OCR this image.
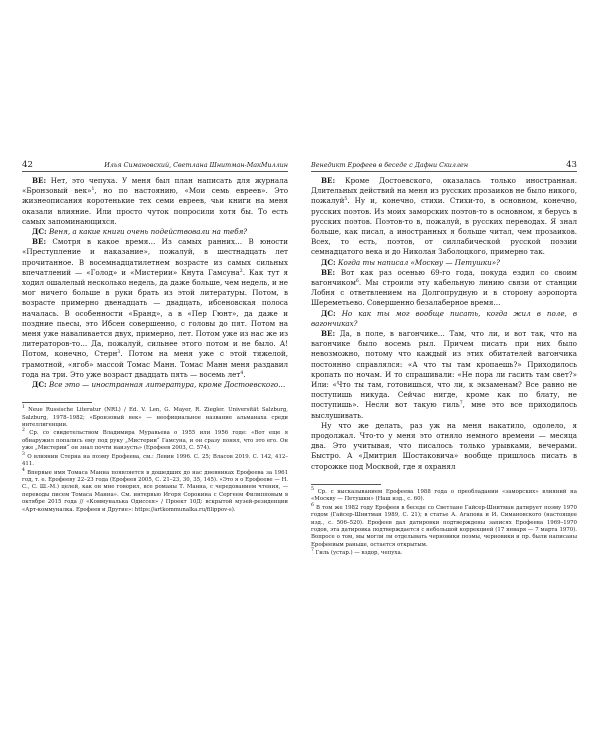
42	Илья Симановский, Светлана Шнитман-МакМиллин

ВЕ: Нет, это чепуха. У меня был план написать для журнала «Бронзовый век»$^1$, но по настоянию, «Мои семь евреев». Это жизнеописания коротенькие тех семи евреев, чьи книги на меня оказали влияние. Или просто чуток попросили хотя бы. То есть самых запоминающихся.

ДС: Веня, а какие книги очень подействовали на тебя?

ВЕ: Смотря в какое время… Из самых ранних… В юности «Преступление и наказание», пожалуй, в шестнадцать лет прочитанное. В восемнадцатилетнем возрасте из самых сильных впечатлений — «Голод» и «Мистерии» Кнута Гамсуна$^2$. Как тут я ходил ошалелый несколько недель, да даже больше, чем недель, и не мог ничего больше в руки брать из этой литературы. Потом, в возрасте примерно двенадцать — двадцать, ибсеновская полоса началась. В особенности «Бранд», а в «Пер Гюнт», да даже и поздние пьесы, это Ибсен совершенно, с головы до пят. Потом на меня уже наваливается двух, примерно, лет. Потом уже из нас же из литераторов-то… Да, пожалуй, сильнее этого потом и не было. А! Потом, конечно, Стерн$^3$. Потом на меня уже с этой тяжелой, грамотной, «ягоб» массой Томас Манн. Томас Манн меня раздавил года на три. Это уже возраст двадцать пять — восемь лет$^4$.

ДС: Все это — иностранная литература, кроме Достоевского…

$^1$ Neue Russische Literatur (NRL) / Ed. V. Len, G. Mayer, R. Ziegler. Universität Salzburg, Salzburg, 1978–1982; «Бронзовый век» — неофициальное название альманаха среди интеллигенции.

$^2$ Ср. со свидетельством Владимира Муравьева о 1955 или 1956 годе: «Вот еще я обнаружил попались ему под руку „Мистерии“ Гамсуна, и он сразу понял, что это его. Он уже „Мистерии“ он знал почти наизусть» (Ерофеев 2003, С. 574).

$^3$ О влиянии Стерна на поэму Ерофеева, см.: Левин 1996. С. 25; Власов 2019. С. 142, 412–411.

$^4$ Впервые имя Томаса Манна появляется в дошедших до нас дневниках Ерофеева за 1961 год, т. е. Ерофееву 22–23 года (Ерофеев 2005, С. 21–23, 30, 35, 145). «Это я о Ерофееве — Н. С., С. Ш.-М.) целей, как он мне говорил, все романы Т. Манна, с чередованием чтения, — переводы писем Томаса Манна». См. интервью Игоря Сорокина с Сергеем Филипповым в октябре 2015 года // «Коммуналька Одиссея» / Проект 10Д: вскрытой музей-резиденции «Арт-коммуналка. Ерофеев и Другие»: https://artkommunalka.ru/filippov-s).

Венедикт Ерофеев в беседе с Дафни Скиллен	43

ВЕ: Кроме Достоевского, оказалась только иностранная. Длительных действий на меня из русских прозаиков не было никого, пожалуй$^5$. Ну и, конечно, стихи. Стихи-то, в основном, конечно, русских поэтов. Из моих заморских поэтов-то в основном, я берусь в русских поэтов. Поэтов-то в, пожалуй, в русских переводах. Я знал больше, как писал, а иностранных я больше читал, чем прозаиков. Всех, то есть, поэтов, от силлабической русской поэзии семнадцатого века и до Николая Заболоцкого, примерно так.

ДС: Когда ты написал «Москву — Петушки»?

ВЕ: Вот как раз осенью 69-го года, покуда ездил со своим вагончиком$^6$. Мы строили эту кабельную линию связи от станции Лобня с ответвлением на Долгопрудную и в сторону аэропорта Шереметьево. Совершенно безалаберное время…

ДС: Но как ты мог вообще писать, когда жил в поле, в вагончиках?

ВЕ: Да, в поле, в вагончике… Там, что ли, и вот так, что на вагончике было восемь рыл. Причем писать при них было невозможно, потому что каждый из этих обитателей вагончика постоянно справлялся: «А что ты там кропаешь?» Приходилось кропать по ночам. И то спрашивали: «Не пора ли гасить там свет?» Или: «Что ты там, готовишься, что ли, к экзаменам? Все равно не поступишь никуда. Сейчас нигде, кроме как по блату, не поступишь». Несли вот такую гиль$^7$, мне это все приходилось выслушивать.

Ну что же делать, раз уж на меня накатило, одолело, я продолжал. Что-то у меня это отняло немного времени — месяца два. Это учитывая, что писалось только урывками, вечерами. Быстро. А «Дмитрия Шостаковича» вообще пришлось писать в сторожке под Москвой, где я охранял

$^5$ Ср. с высказыванием Ерофеева 1988 года о преобладании «заморских» влияний на «Москву — Петушки» (Наш изд., с. 60).

$^6$ В том же 1982 году Ерофеев в беседе со Светлане Гайсер-Шнитман датирует поэму 1970 годом (Гайсер-Шнитман 1989, С. 21); в статье А. Агапова и И. Симановского (настоящее изд., с. 506–520). Ерофеев дал датировки подтверждены записях Ерофеева 1969–1970 годов, эта датировка подтверждается с небольшой коррекцией (17 января — 7 марта 1970). Вопросе о том, мы могли ли отделывать черновики поэмы, черновики и пр. были написаны Ерофеевым раньше, остается открытым.

$^7$ Гиль (устар.) — вздор, чепуха.
